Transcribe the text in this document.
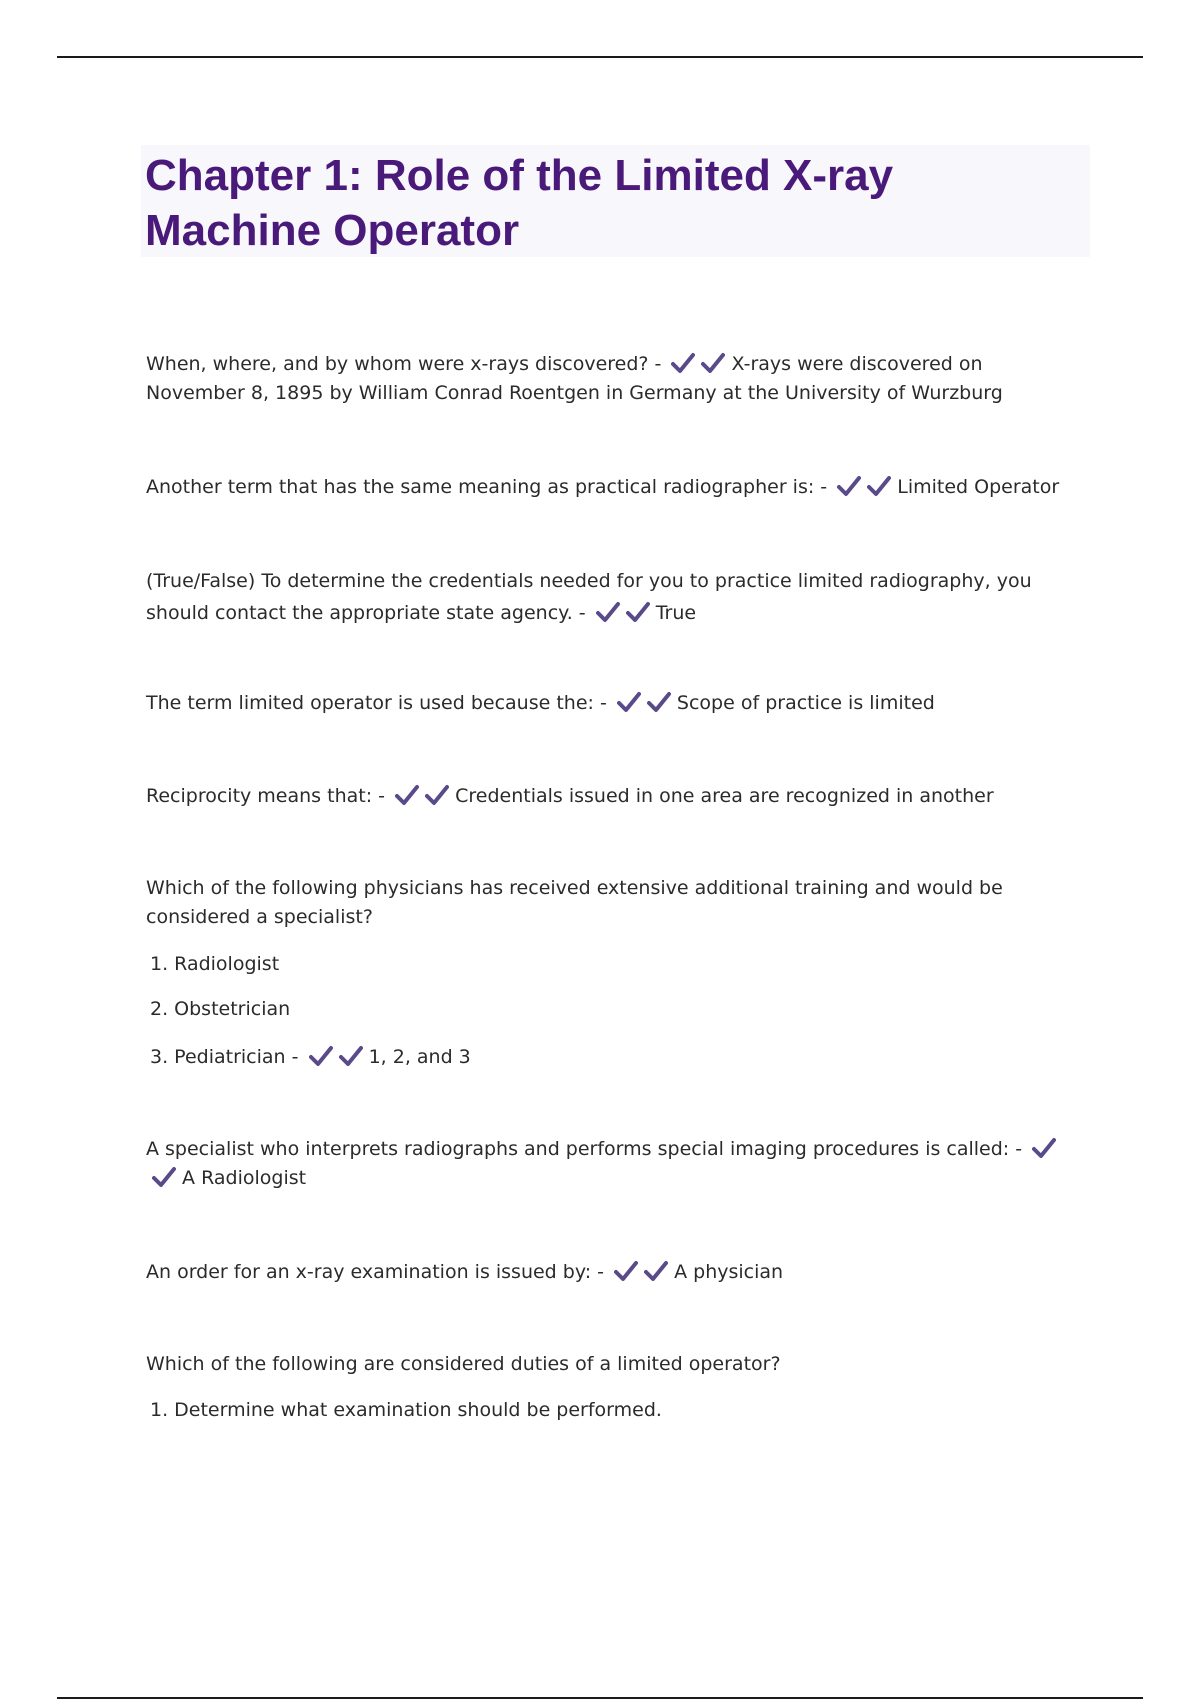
Chapter 1: Role of the Limited X-ray Machine Operator

When, where, and by whom were x-rays discovered? -	X-rays were discovered on November 8, 1895 by William Conrad Roentgen in Germany at the University of Wurzburg

Another term that has the same meaning as practical radiographer is: -	Limited Operator

(True/False) To determine the credentials needed for you to practice limited radiography, you should contact the appropriate state agency. -	True

The term limited operator is used because the: -	Scope of practice is limited

Reciprocity means that: -	Credentials issued in one area are recognized in another

Which of the following physicians has received extensive additional training and would be considered a specialist?

1. Radiologist

2. Obstetrician

3. Pediatrician -	1, 2, and 3

A specialist who interprets radiographs and performs special imaging procedures is called: -
A Radiologist

An order for an x-ray examination is issued by: -	A physician

Which of the following are considered duties of a limited operator?

1. Determine what examination should be performed.
